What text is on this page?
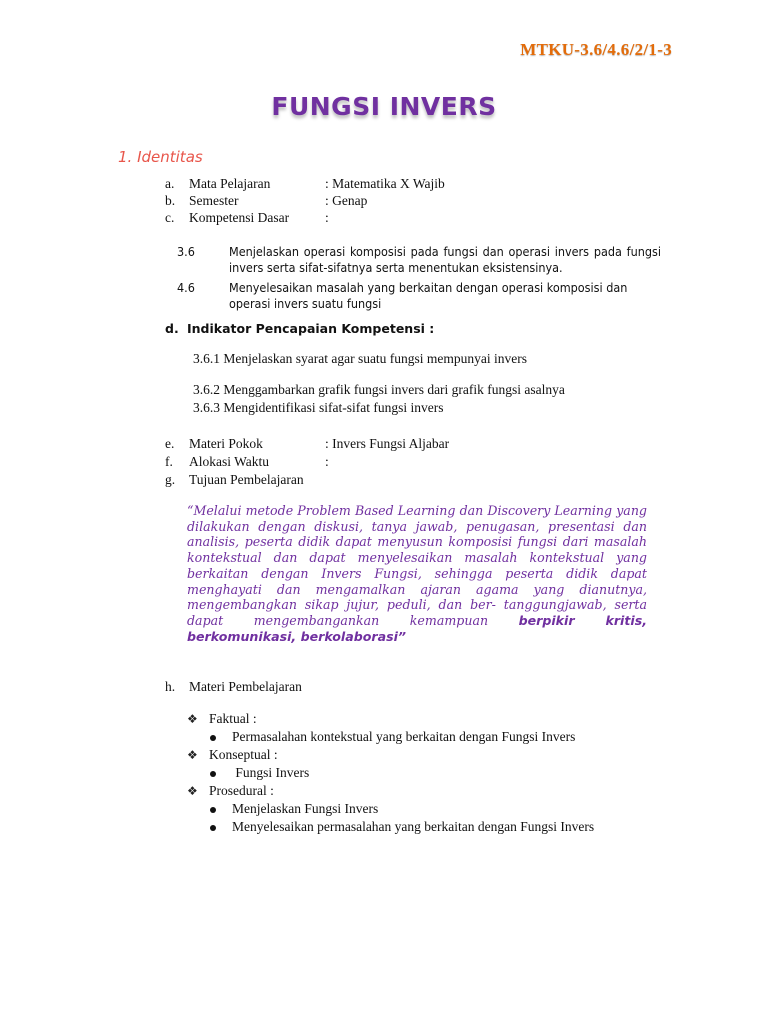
MTKU-3.6/4.6/2/1-3
FUNGSI INVERS
1. Identitas
a. Mata Pelajaran	: Matematika X Wajib
b. Semester	: Genap
c. Kompetensi Dasar	:
3.6	Menjelaskan operasi komposisi pada fungsi dan operasi invers pada fungsi invers serta sifat-sifatnya serta menentukan eksistensinya.
4.6	Menyelesaikan masalah yang berkaitan dengan operasi komposisi dan operasi invers suatu fungsi
d. Indikator Pencapaian Kompetensi :
3.6.1 Menjelaskan syarat agar suatu fungsi mempunyai invers
3.6.2 Menggambarkan grafik fungsi invers dari grafik fungsi asalnya
3.6.3 Mengidentifikasi sifat-sifat fungsi invers
e. Materi Pokok	: Invers Fungsi Aljabar
f. Alokasi Waktu	:
g. Tujuan Pembelajaran
“Melalui metode Problem Based Learning dan Discovery Learning yang dilakukan dengan diskusi, tanya jawab, penugasan, presentasi dan analisis, peserta didik dapat menyusun komposisi fungsi dari masalah kontekstual dan dapat menyelesaikan masalah kontekstual yang berkaitan dengan Invers Fungsi, sehingga peserta didik dapat menghayati dan mengamalkan ajaran agama yang dianutnya, mengembangkan sikap jujur, peduli, dan ber- tanggungjawab, serta dapat mengembangankan kemampuan berpikir kritis, berkomunikasi, berkolaborasi”
h. Materi Pembelajaran
❖ Faktual :
Permasalahan kontekstual yang berkaitan dengan Fungsi Invers
❖ Konseptual :
Fungsi Invers
❖ Prosedural :
Menjelaskan Fungsi Invers
Menyelesaikan permasalahan yang berkaitan dengan Fungsi Invers
